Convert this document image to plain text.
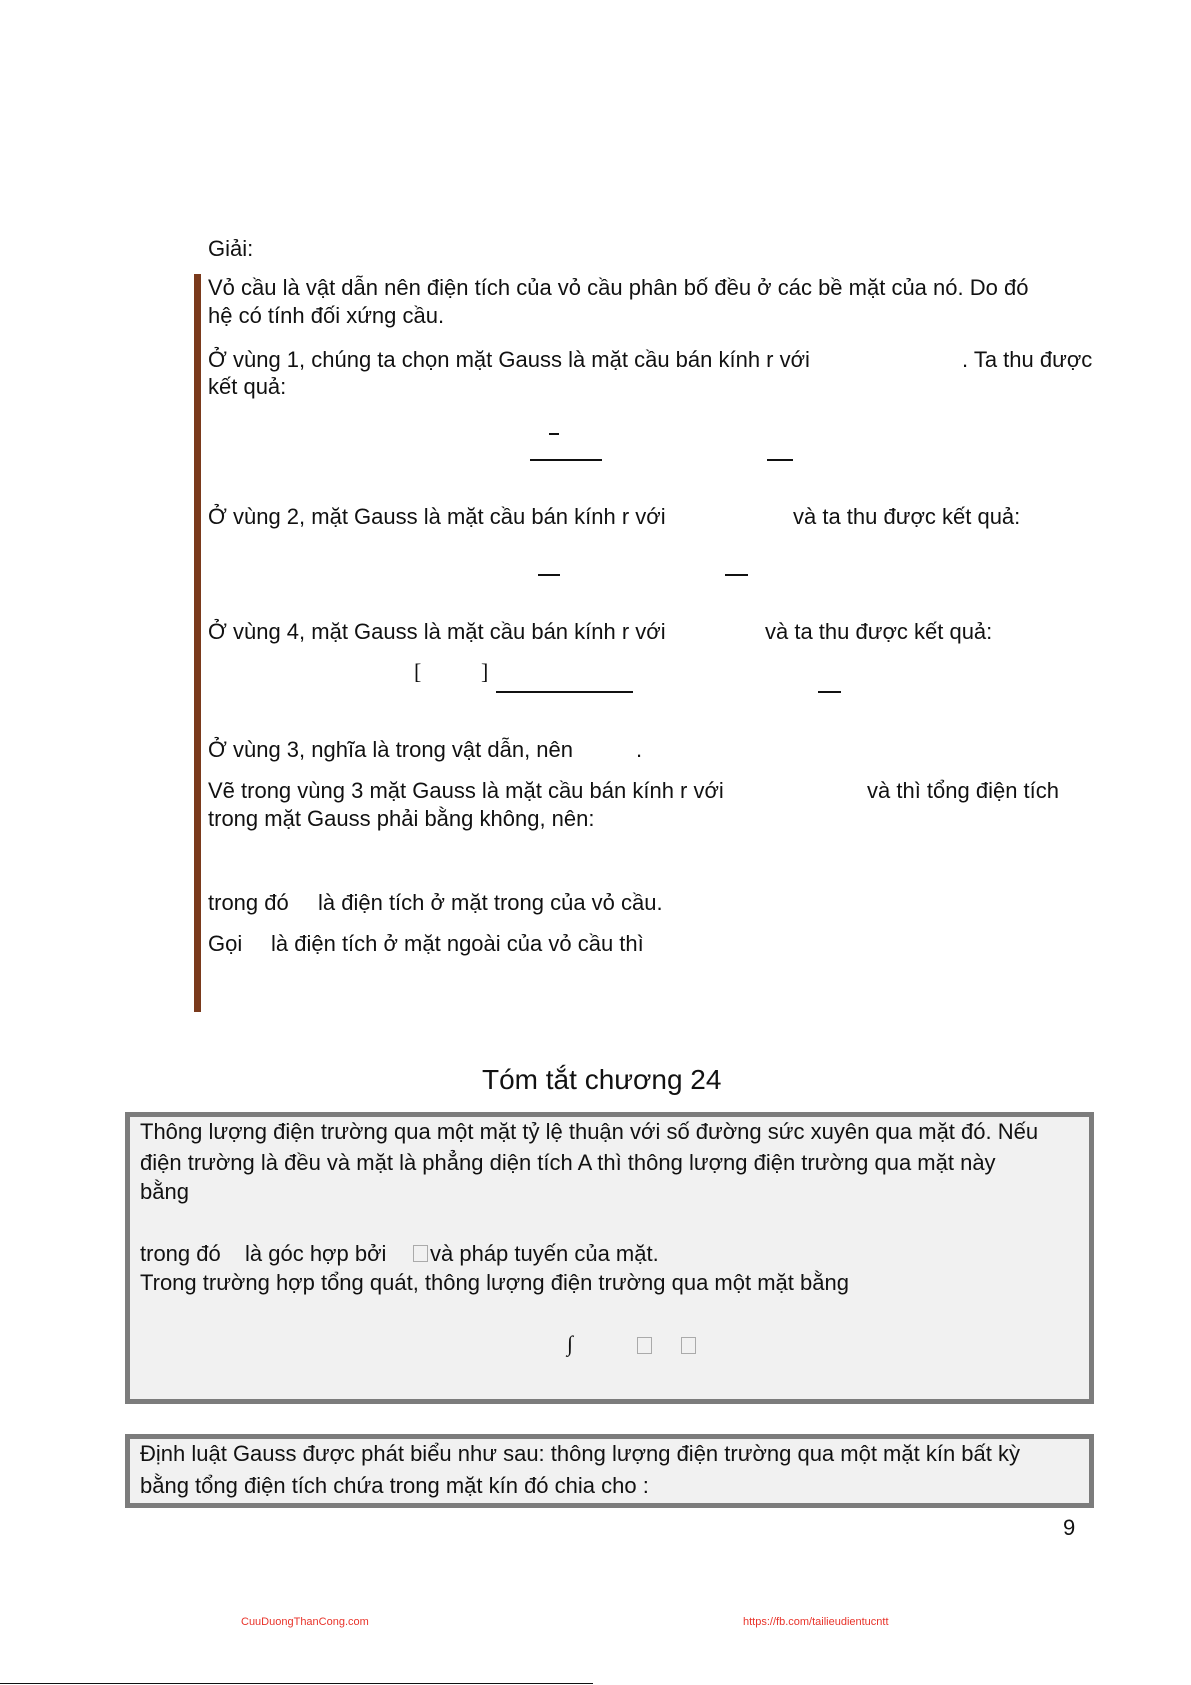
Giải:
Vỏ cầu là vật dẫn nên điện tích của vỏ cầu phân bố đều ở các bề mặt của nó. Do đó
hệ có tính đối xứng cầu.
Ở vùng 1, chúng ta chọn mặt Gauss là mặt cầu bán kính r với	. Ta thu được
kết quả:
Ở vùng 2, mặt Gauss là mặt cầu bán kính r với	và ta thu được kết quả:
Ở vùng 4, mặt Gauss là mặt cầu bán kính r với	và ta thu được kết quả:
[	]
Ở vùng 3, nghĩa là trong vật dẫn, nên	.
Vẽ trong vùng 3 mặt Gauss là mặt cầu bán kính r với	và thì tổng điện tích
trong mặt Gauss phải bằng không, nên:
trong đó là điện tích ở mặt trong của vỏ cầu.
Gọi là điện tích ở mặt ngoài của vỏ cầu thì
Tóm tắt chương 24
Thông lượng điện trường qua một mặt tỷ lệ thuận với số đường sức xuyên qua mặt đó. Nếu
điện trường là đều và mặt là phẳng diện tích A thì thông lượng điện trường qua mặt này
bằng
trong đó là góc hợp bởi và pháp tuyến của mặt.
Trong trường hợp tổng quát, thông lượng điện trường qua một mặt bằng
∫
Định luật Gauss được phát biểu như sau: thông lượng điện trường qua một mặt kín bất kỳ
bằng tổng điện tích chứa trong mặt kín đó chia cho :
9
CuuDuongThanCong.com	https://fb.com/tailieudientucntt
